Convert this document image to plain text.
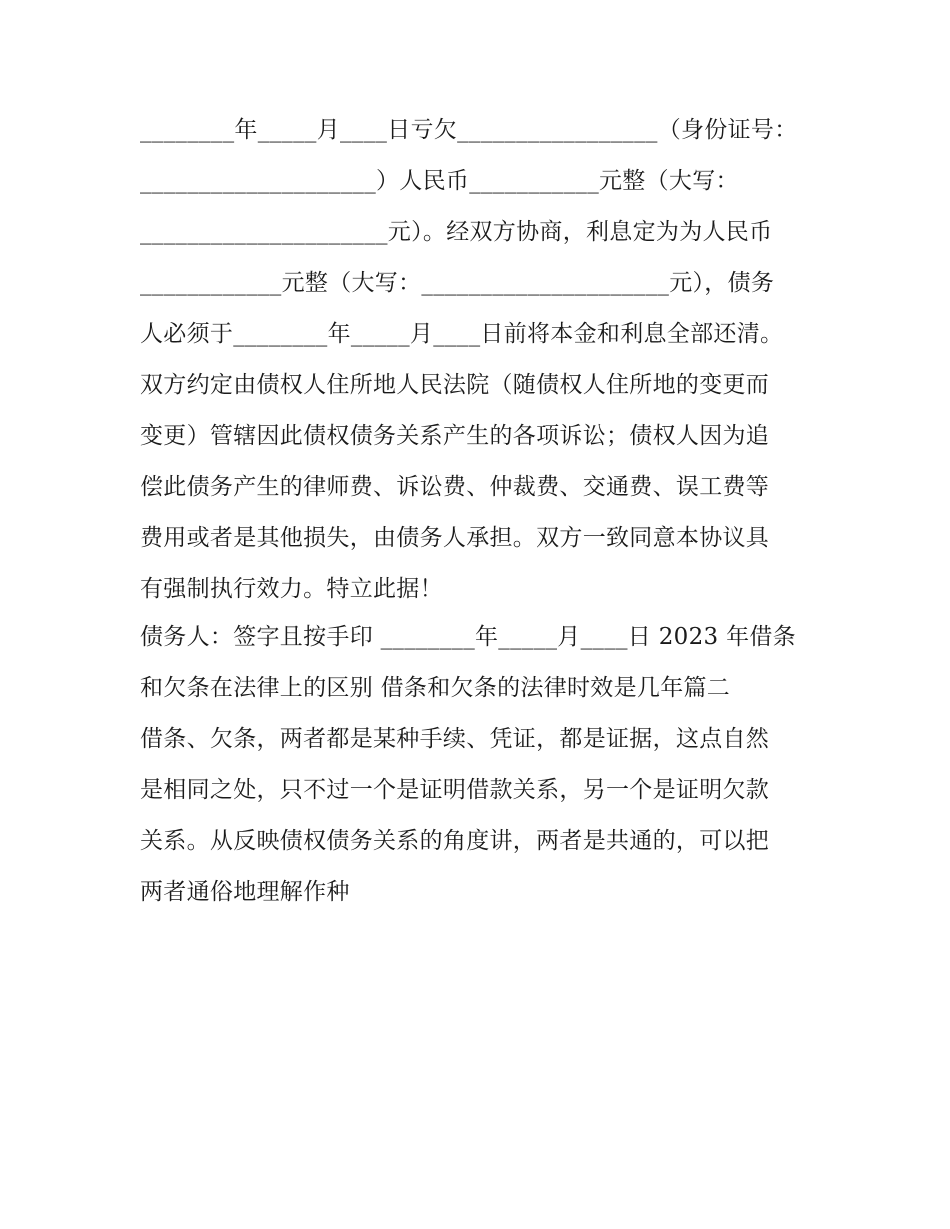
________年_____月____日亏欠_________________（身份证号：
____________________）人民币___________元整（大写：
_____________________元）。经双方协商，利息定为为人民币
____________元整（大写：_____________________元），债务
人必须于________年_____月____日前将本金和利息全部还清。
双方约定由债权人住所地人民法院（随债权人住所地的变更而
变更）管辖因此债权债务关系产生的各项诉讼；债权人因为追
偿此债务产生的律师费、诉讼费、仲裁费、交通费、误工费等
费用或者是其他损失，由债务人承担。双方一致同意本协议具
有强制执行效力。特立此据！
债务人：签字且按手印 ________年_____月____日 2023 年借条
和欠条在法律上的区别 借条和欠条的法律时效是几年篇二
借条、欠条，两者都是某种手续、凭证，都是证据，这点自然
是相同之处，只不过一个是证明借款关系，另一个是证明欠款
关系。从反映债权债务关系的角度讲，两者是共通的，可以把
两者通俗地理解作种
